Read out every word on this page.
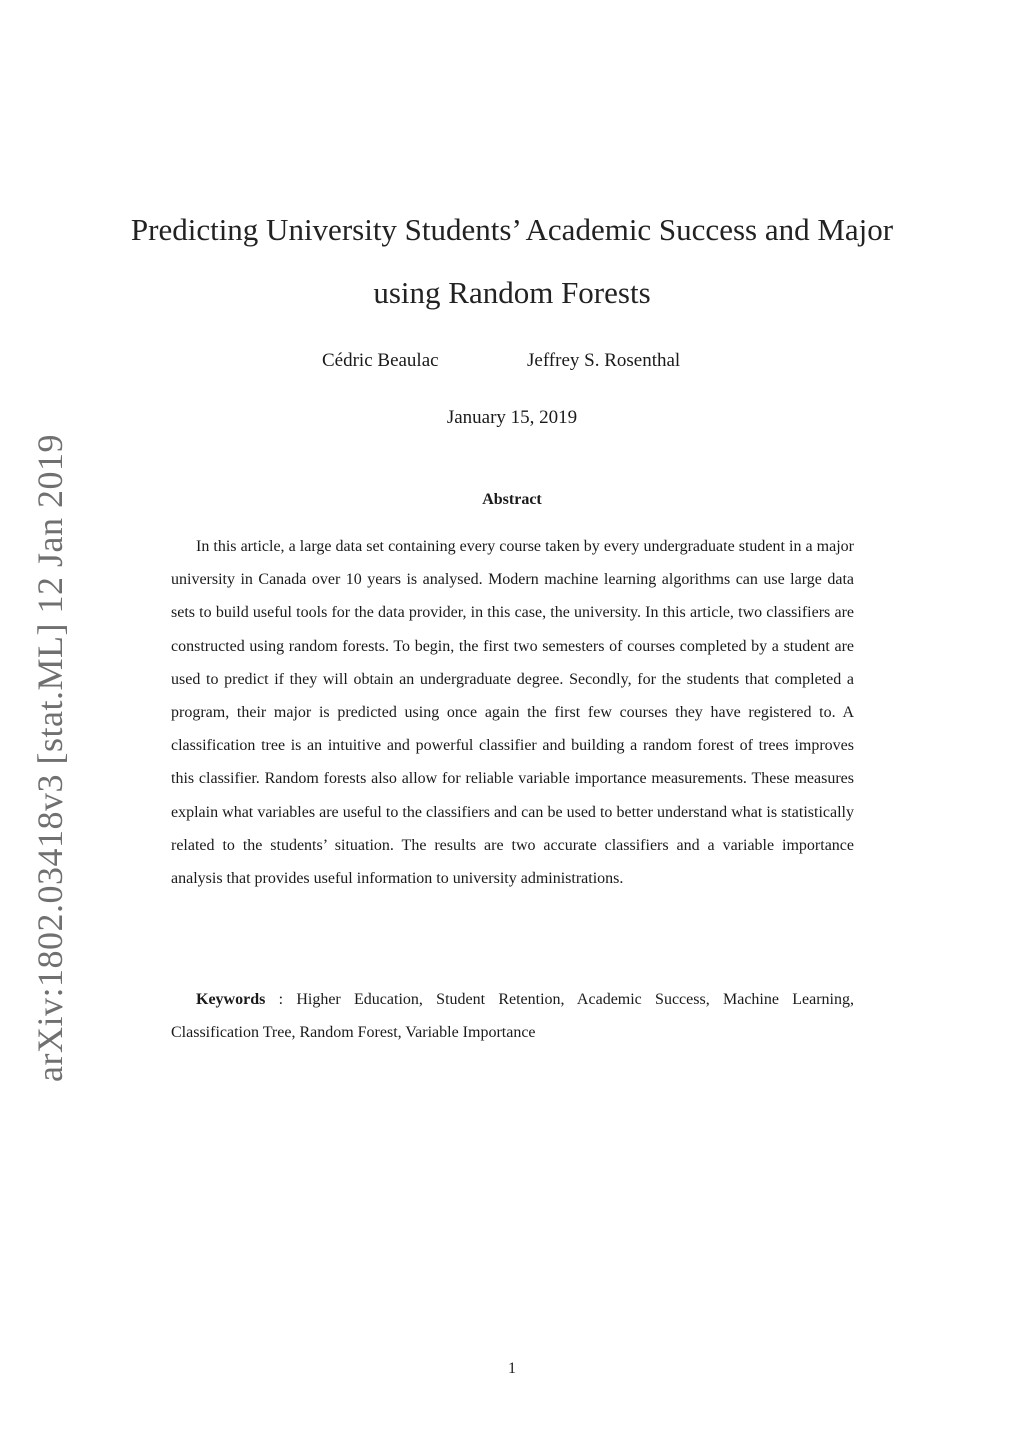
arXiv:1802.03418v3 [stat.ML] 12 Jan 2019
Predicting University Students’ Academic Success and Major
using Random Forests
Cédric Beaulac	Jeffrey S. Rosenthal
January 15, 2019
Abstract

In this article, a large data set containing every course taken by every undergraduate student in a major university in Canada over 10 years is analysed. Modern machine learning algorithms can use large data sets to build useful tools for the data provider, in this case, the university. In this article, two classifiers are constructed using random forests. To begin, the first two semesters of courses completed by a student are used to predict if they will obtain an undergraduate degree. Secondly, for the students that completed a program, their major is predicted using once again the first few courses they have registered to. A classification tree is an intuitive and powerful classifier and building a random forest of trees improves this classifier. Random forests also allow for reliable variable importance measurements. These measures explain what variables are useful to the classifiers and can be used to better understand what is statistically related to the students’ situation. The results are two accurate classifiers and a variable importance analysis that provides useful information to university administrations.

Keywords : Higher Education, Student Retention, Academic Success, Machine Learning, Classification Tree, Random Forest, Variable Importance

1
